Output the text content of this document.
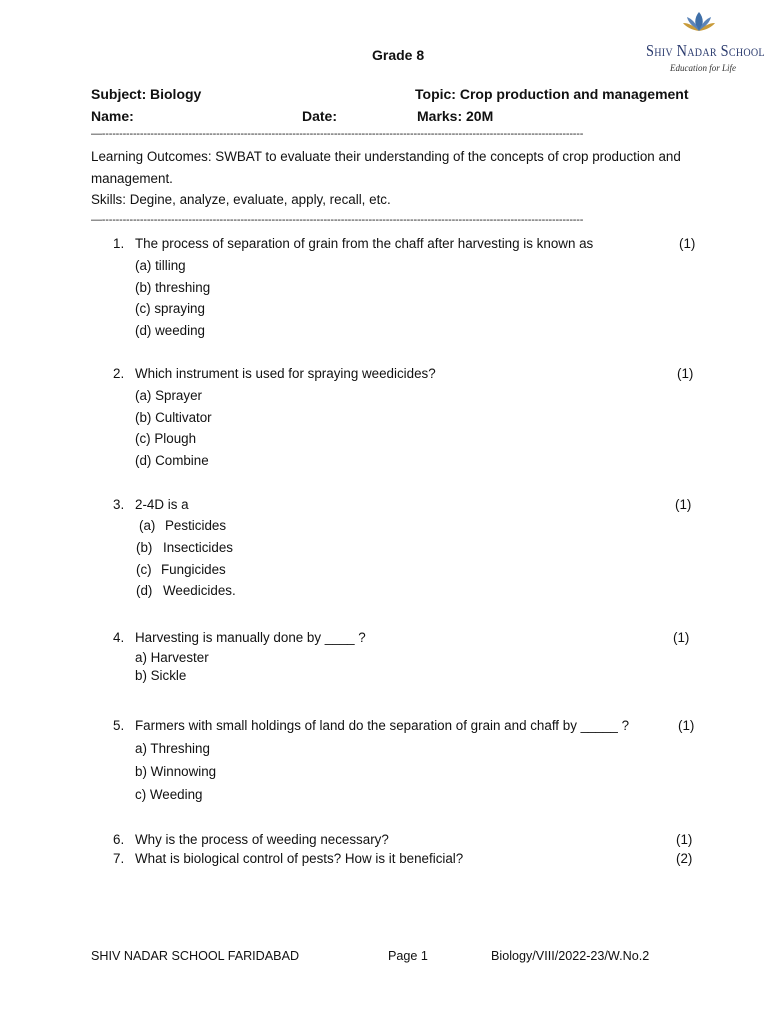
Shiv Nadar School
Education for Life
Grade 8
Subject: Biology	Topic: Crop production and management
Name:	Date:	Marks: 20M
—-------------------------------------------------------------------------------------------------------------------------------------------
Learning Outcomes: SWBAT to evaluate their understanding of the concepts of crop production and
management.
Skills: Degine, analyze, evaluate, apply, recall, etc.
—-------------------------------------------------------------------------------------------------------------------------------------------
1. The process of separation of grain from the chaff after harvesting is known as	(1)
(a) tilling
(b) threshing
(c) spraying
(d) weeding
2. Which instrument is used for spraying weedicides?	(1)
(a) Sprayer
(b) Cultivator
(c) Plough
(d) Combine
3. 2-4D is a	(1)
(a) Pesticides
(b) Insecticides
(c) Fungicides
(d) Weedicides.
4. Harvesting is manually done by ____ ?	(1)
a) Harvester
b) Sickle
5. Farmers with small holdings of land do the separation of grain and chaff by _____ ?	(1)
a) Threshing
b) Winnowing
c) Weeding
6. Why is the process of weeding necessary?	(1)
7. What is biological control of pests? How is it beneficial?	(2)
SHIV NADAR SCHOOL FARIDABAD	Page 1	Biology/VIII/2022-23/W.No.2
